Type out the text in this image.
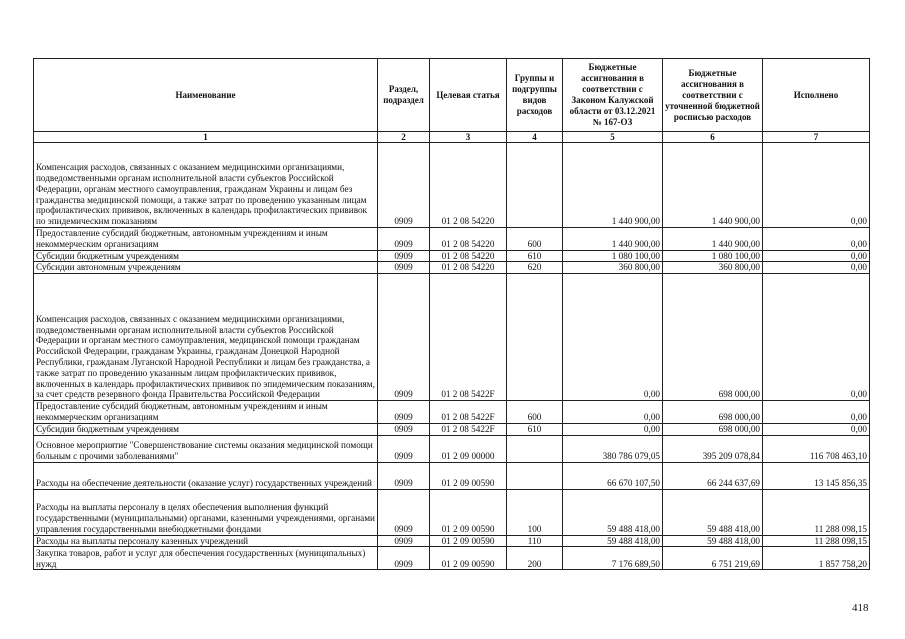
Наименование	Раздел, подраздел	Целевая статья	Группы и подгруппы видов расходов	Бюджетные ассигнования в соответствии с Законом Калужской области от 03.12.2021 № 167-ОЗ	Бюджетные ассигнования в соответствии с уточненной бюджетной росписью расходов	Исполнено
1	2	3	4	5	6	7
Компенсация расходов, связанных с оказанием медицинскими организациями, подведомственными органам исполнительной власти субъектов Российской Федерации, органам местного самоуправления, гражданам Украины и лицам без гражданства медицинской помощи, а также затрат по проведению указанным лицам профилактических прививок, включенных в календарь профилактических прививок по эпидемическим показаниям	0909	01 2 08 54220		1 440 900,00	1 440 900,00	0,00
Предоставление субсидий бюджетным, автономным учреждениям и иным некоммерческим организациям	0909	01 2 08 54220	600	1 440 900,00	1 440 900,00	0,00
Субсидии бюджетным учреждениям	0909	01 2 08 54220	610	1 080 100,00	1 080 100,00	0,00
Субсидии автономным учреждениям	0909	01 2 08 54220	620	360 800,00	360 800,00	0,00
Компенсация расходов, связанных с оказанием медицинскими организациями, подведомственными органам исполнительной власти субъектов Российской Федерации и органам местного самоуправления, медицинской помощи гражданам Российской Федерации, гражданам Украины, гражданам Донецкой Народной Республики, гражданам Луганской Народной Республики и лицам без гражданства, а также затрат по проведению указанным лицам профилактических прививок, включенных в календарь профилактических прививок по эпидемическим показаниям, за счет средств резервного фонда Правительства Российской Федерации	0909	01 2 08 5422F		0,00	698 000,00	0,00
Предоставление субсидий бюджетным, автономным учреждениям и иным некоммерческим организациям	0909	01 2 08 5422F	600	0,00	698 000,00	0,00
Субсидии бюджетным учреждениям	0909	01 2 08 5422F	610	0,00	698 000,00	0,00
Основное мероприятие "Совершенствование системы оказания медицинской помощи больным с прочими заболеваниями"	0909	01 2 09 00000		380 786 079,05	395 209 078,84	116 708 463,10
Расходы на обеспечение деятельности (оказание услуг) государственных учреждений	0909	01 2 09 00590		66 670 107,50	66 244 637,69	13 145 856,35
Расходы на выплаты персоналу в целях обеспечения выполнения функций государственными (муниципальными) органами, казенными учреждениями, органами управления государственными внебюджетными фондами	0909	01 2 09 00590	100	59 488 418,00	59 488 418,00	11 288 098,15
Расходы на выплаты персоналу казенных учреждений	0909	01 2 09 00590	110	59 488 418,00	59 488 418,00	11 288 098,15
Закупка товаров, работ и услуг для обеспечения государственных (муниципальных) нужд	0909	01 2 09 00590	200	7 176 689,50	6 751 219,69	1 857 758,20
418
